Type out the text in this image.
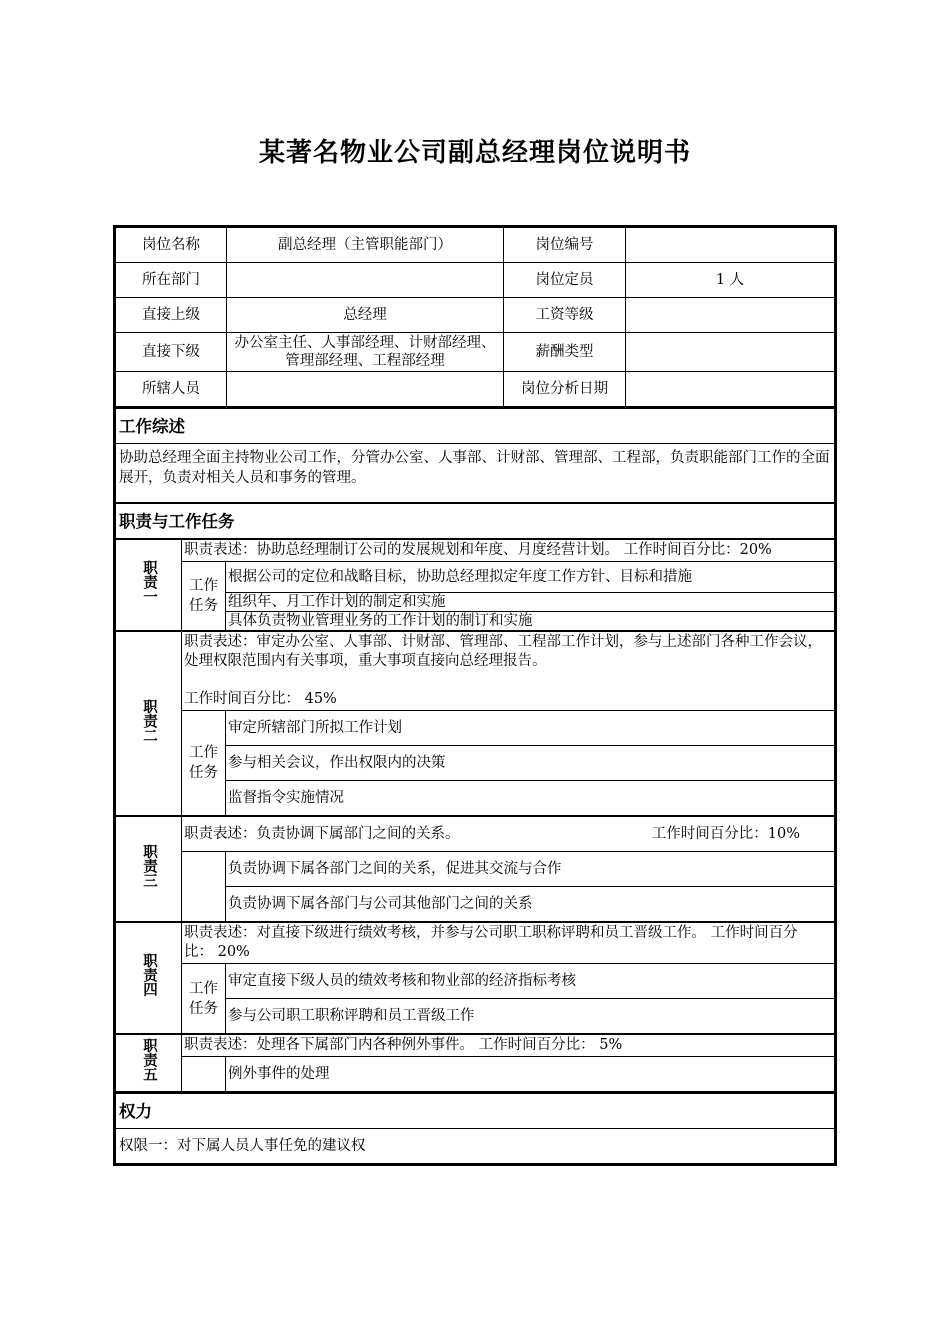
某著名物业公司副总经理岗位说明书
岗位名称	副总经理（主管职能部门）	岗位编号	
所在部门		岗位定员	1 人
直接上级	总经理	工资等级	
直接下级	办公室主任、人事部经理、计财部经理、管理部经理、工程部经理	薪酬类型	
所辖人员		岗位分析日期	
工作综述
协助总经理全面主持物业公司工作，分管办公室、人事部、计财部、管理部、工程部，负责职能部门工作的全面展开，负责对相关人员和事务的管理。
职责与工作任务
职责一	职责表述：协助总经理制订公司的发展规划和年度、月度经营计划。 工作时间百分比：20%	
	工作任务	根据公司的定位和战略目标，协助总经理拟定年度工作方针、目标和措施
		组织年、月工作计划的制定和实施
		具体负责物业管理业务的工作计划的制订和实施
职责二	职责表述：审定办公室、人事部、计财部、管理部、工程部工作计划，参与上述部门各种工作会议，处理权限范围内有关事项，重大事项直接向总经理报告。

工作时间百分比： 45%	
	工作任务	审定所辖部门所拟工作计划
		参与相关会议，作出权限内的决策
		监督指令实施情况
职责三	职责表述：负责协调下属部门之间的关系。 工作时间百分比：10%	

		负责协调下属各部门之间的关系，促进其交流与合作
		负责协调下属各部门与公司其他部门之间的关系
职责四	职责表述：对直接下级进行绩效考核，并参与公司职工职称评聘和员工晋级工作。 工作时间百分比： 20%	
	工作任务	审定直接下级人员的绩效考核和物业部的经济指标考核
		参与公司职工职称评聘和员工晋级工作
职责五	职责表述：处理各下属部门内各种例外事件。 工作时间百分比： 5%	
		例外事件的处理
权力
权限一：对下属人员人事任免的建议权
